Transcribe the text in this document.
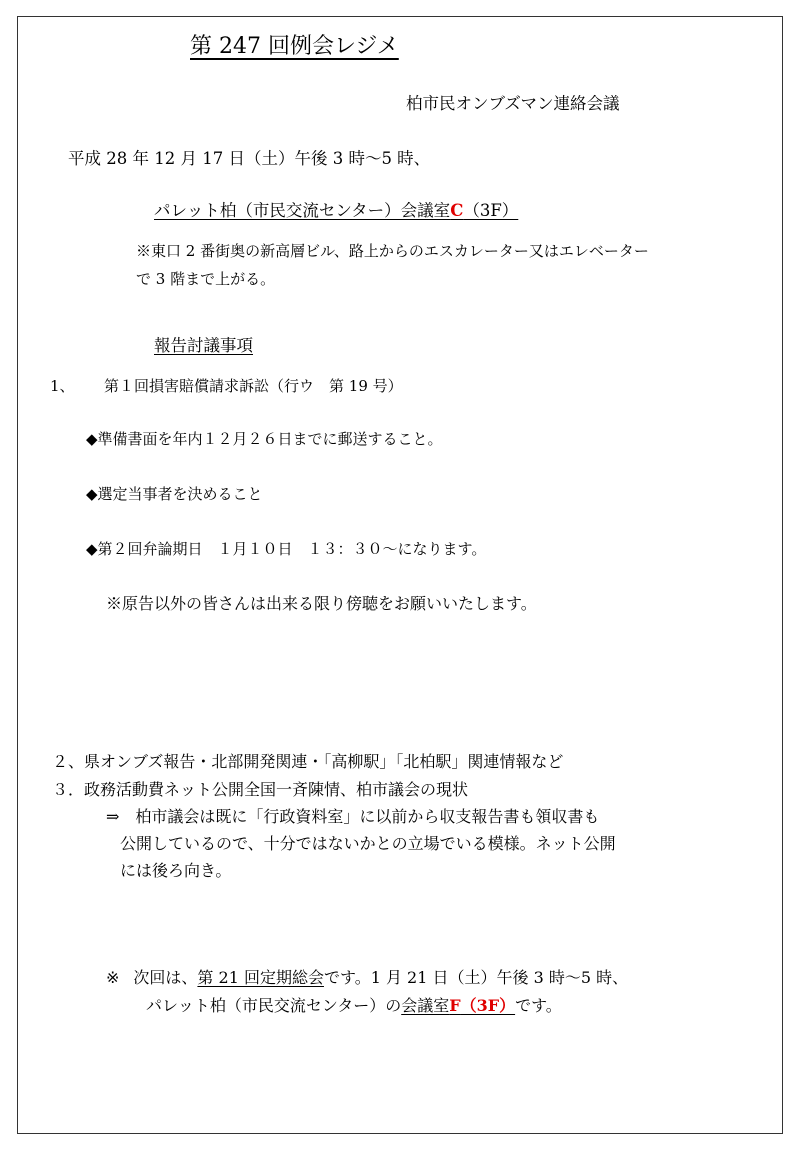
第 247 回例会レジメ
柏市民オンブズマン連絡会議
平成 28 年 12 月 17 日（土）午後 3 時～5 時、
パレット柏（市民交流センター）会議室C（3F）
※東口 2 番街奥の新高層ビル、路上からのエスカレーター又はエレベーター
で 3 階まで上がる。
報告討議事項
1、 第１回損害賠償請求訴訟（行ウ　第 19 号）
◆準備書面を年内１２月２６日までに郵送すること。
◆選定当事者を決めること
◆第２回弁論期日　１月１０日　１３：３０～になります。
※原告以外の皆さんは出来る限り傍聴をお願いいたします。
２、県オンブズ報告・北部開発関連・「高柳駅」「北柏駅」関連情報など
３．政務活動費ネット公開全国一斉陳情、柏市議会の現状
⇒　柏市議会は既に「行政資料室」に以前から収支報告書も領収書も
公開しているので、十分ではないかとの立場でいる模様。ネット公開
には後ろ向き。
※ 次回は、第 21 回定期総会です。1 月 21 日（土）午後 3 時～5 時、
パレット柏（市民交流センター）の会議室F（3F）です。
